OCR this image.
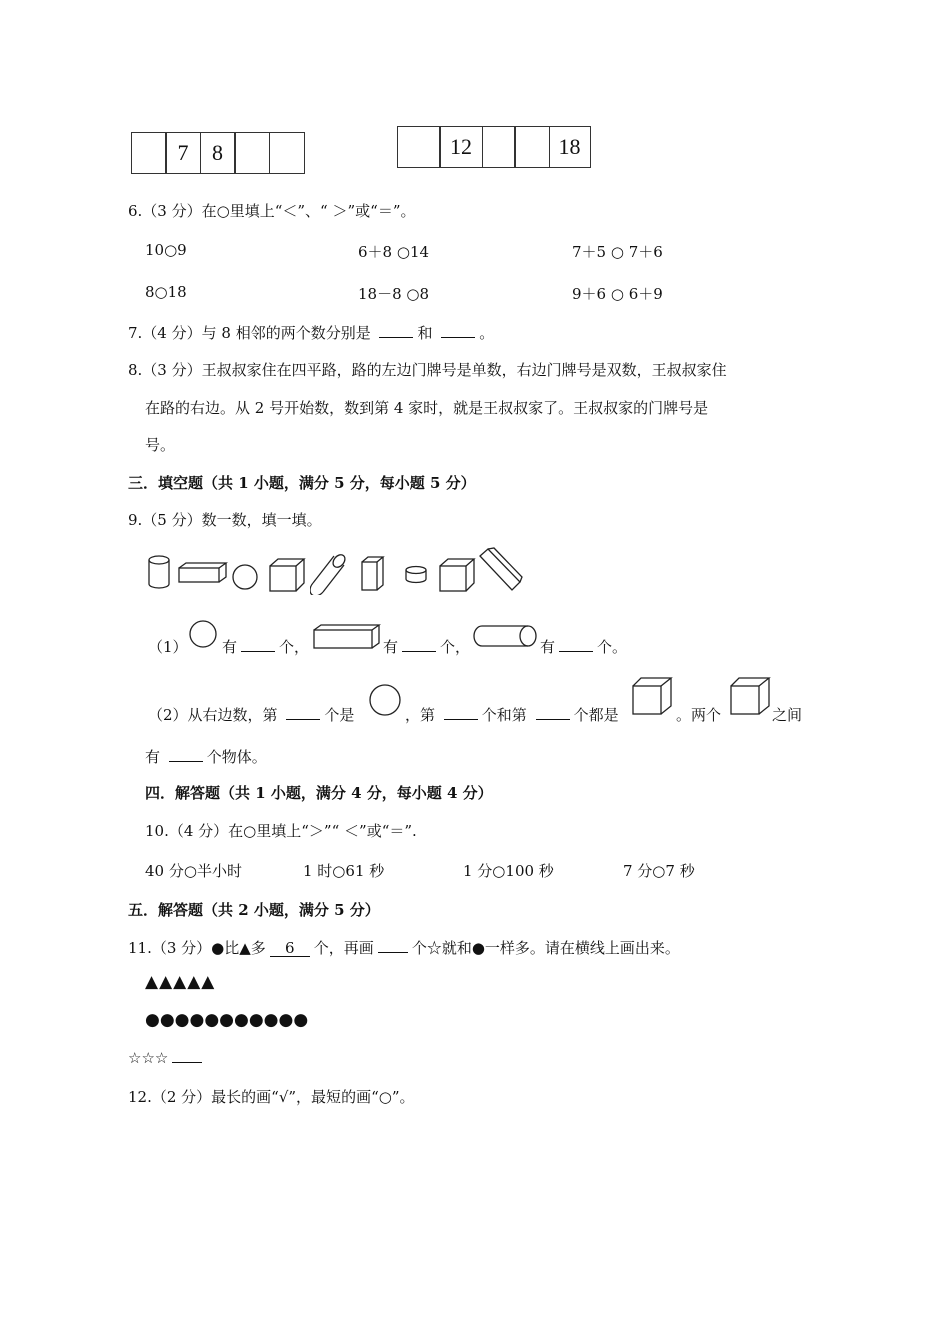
7	8	12	18
6.（3 分）在○里填上“＜”、“ ＞”或“＝”。
10○9	6＋8 ○14	7＋5 ○ 7＋6
8○18	18－8 ○8	9＋6 ○ 6＋9
7.（4 分）与 8 相邻的两个数分别是	和	。
8.（3 分）王叔叔家住在四平路，路的左边门牌号是单数，右边门牌号是双数，王叔叔家住
在路的右边。从 2 号开始数，数到第 4 家时，就是王叔叔家了。王叔叔家的门牌号是
号。
三．填空题（共 1 小题，满分 5 分，每小题 5 分）
9.（5 分）数一数，填一填。
（1） 有	个，	有	个，	有	个。
（2）从右边数，第	个是	，第	个和第	个都是	。两个	之间
有	个物体。
四．解答题（共 1 小题，满分 4 分，每小题 4 分）
10.（4 分）在○里填上“＞”“ ＜”或“＝”.
40 分○半小时	1 时○61 秒	1 分○100 秒	7 分○7 秒
五．解答题（共 2 小题，满分 5 分）
11.（3 分）●比▲多 6 个，再画	个☆就和●一样多。请在横线上画出来。
▲▲▲▲▲
●●●●●●●●●●●
☆☆☆
12.（2 分）最长的画“√”，最短的画“○”。
